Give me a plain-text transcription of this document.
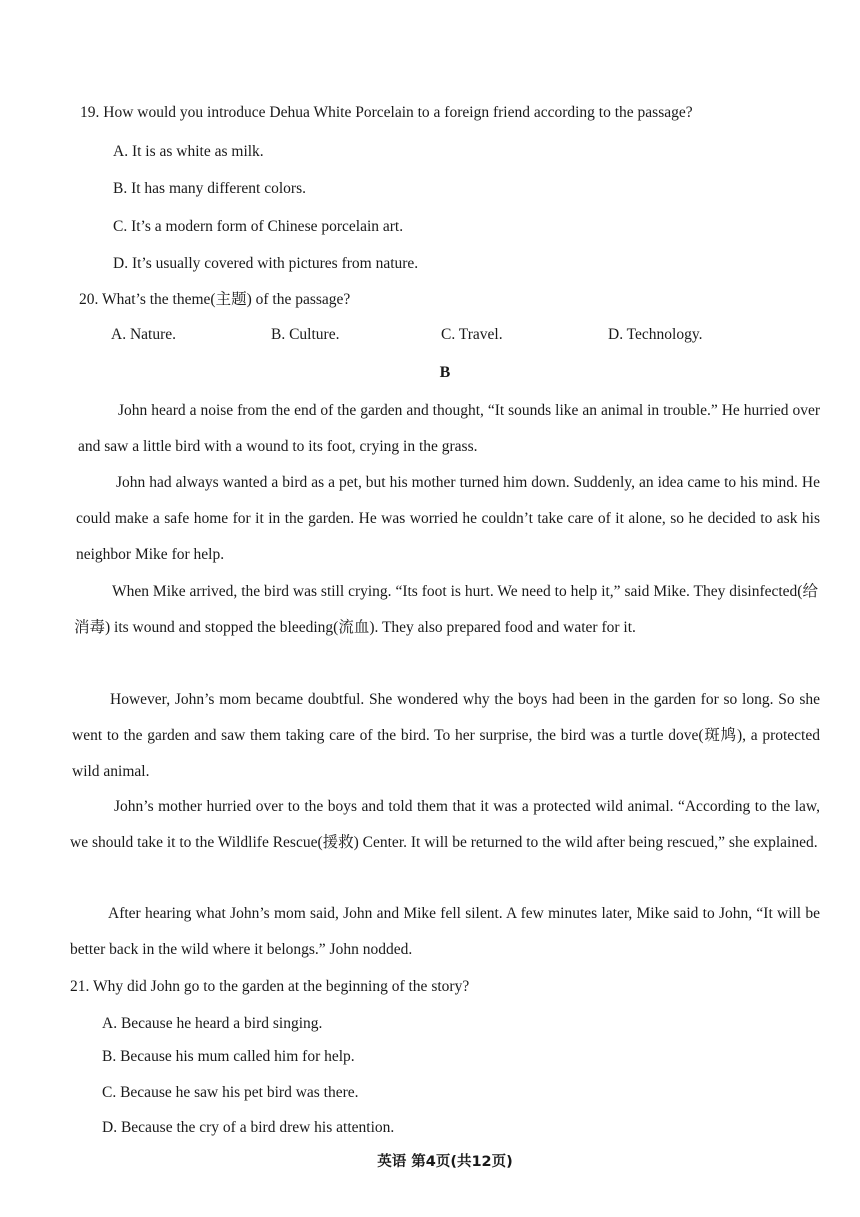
19. How would you introduce Dehua White Porcelain to a foreign friend according to the passage?
A. It is as white as milk.
B. It has many different colors.
C. It’s a modern form of Chinese porcelain art.
D. It’s usually covered with pictures from nature.
20. What’s the theme(主题) of the passage?
A. Nature.	B. Culture.	C. Travel.	D. Technology.
B
John heard a noise from the end of the garden and thought, “It sounds like an animal in trouble.” He hurried over and saw a little bird with a wound to its foot, crying in the grass.
John had always wanted a bird as a pet, but his mother turned him down. Suddenly, an idea came to his mind. He could make a safe home for it in the garden. He was worried he couldn’t take care of it alone, so he decided to ask his neighbor Mike for help.
When Mike arrived, the bird was still crying. “Its foot is hurt. We need to help it,” said Mike. They disinfected(给消毒) its wound and stopped the bleeding(流血). They also prepared food and water for it.
However, John’s mom became doubtful. She wondered why the boys had been in the garden for so long. So she went to the garden and saw them taking care of the bird. To her surprise, the bird was a turtle dove(斑鸠), a protected wild animal.
John’s mother hurried over to the boys and told them that it was a protected wild animal. “According to the law, we should take it to the Wildlife Rescue(援救) Center. It will be returned to the wild after being rescued,” she explained.
After hearing what John’s mom said, John and Mike fell silent. A few minutes later, Mike said to John, “It will be better back in the wild where it belongs.” John nodded.
21. Why did John go to the garden at the beginning of the story?
A. Because he heard a bird singing.
B. Because his mum called him for help.
C. Because he saw his pet bird was there.
D. Because the cry of a bird drew his attention.
英语 第4页(共12页)
